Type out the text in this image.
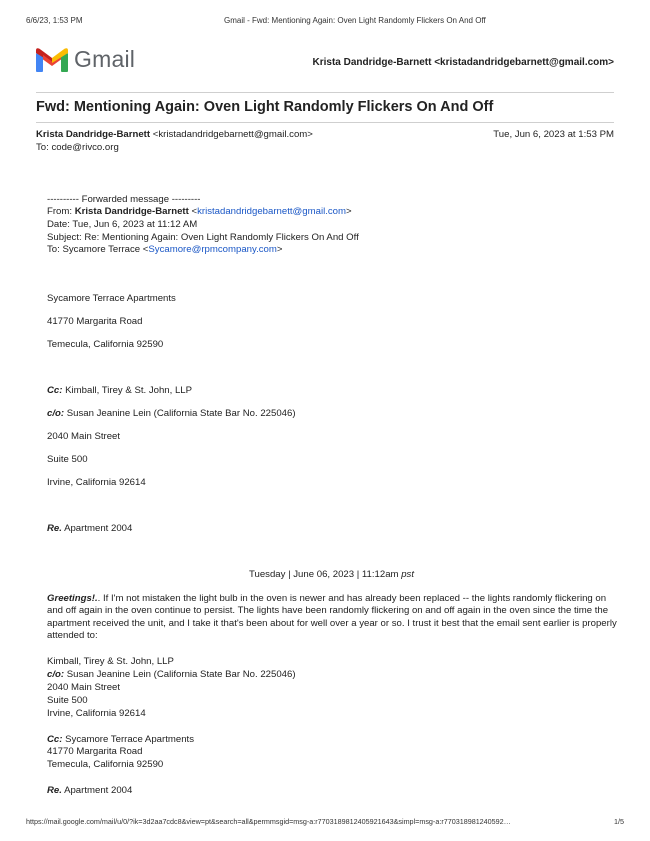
6/6/23, 1:53 PM	Gmail - Fwd: Mentioning Again: Oven Light Randomly Flickers On And Off
Gmail	Krista Dandridge-Barnett <kristadandridgebarnett@gmail.com>
Fwd: Mentioning Again: Oven Light Randomly Flickers On And Off
Krista Dandridge-Barnett <kristadandridgebarnett@gmail.com>	Tue, Jun 6, 2023 at 1:53 PM
To: code@rivco.org
---------- Forwarded message ---------
From: Krista Dandridge-Barnett <kristadandridgebarnett@gmail.com>
Date: Tue, Jun 6, 2023 at 11:12 AM
Subject: Re: Mentioning Again: Oven Light Randomly Flickers On And Off
To: Sycamore Terrace <Sycamore@rpmcompany.com>
Sycamore Terrace Apartments
41770 Margarita Road
Temecula, California 92590
Cc: Kimball, Tirey & St. John, LLP
c/o: Susan Jeanine Lein (California State Bar No. 225046)
2040 Main Street
Suite 500
Irvine, California 92614
Re. Apartment 2004
Tuesday | June 06, 2023 | 11:12am pst
Greetings!.. If I'm not mistaken the light bulb in the oven is newer and has already been replaced -- the lights randomly flickering on and off again in the oven continue to persist. The lights have been randomly flickering on and off again in the oven since the time the apartment received the unit, and I take it that's been about for well over a year or so. I trust it best that the email sent earlier is properly attended to:
Kimball, Tirey & St. John, LLP
c/o: Susan Jeanine Lein (California State Bar No. 225046)
2040 Main Street
Suite 500
Irvine, California 92614
Cc: Sycamore Terrace Apartments
41770 Margarita Road
Temecula, California 92590
Re. Apartment 2004
https://mail.google.com/mail/u/0/?ik=3d2aa7cdc8&view=pt&search=all&permmsgid=msg-a:r7703189812405921643&simpl=msg-a:r770318981240592…	1/5
